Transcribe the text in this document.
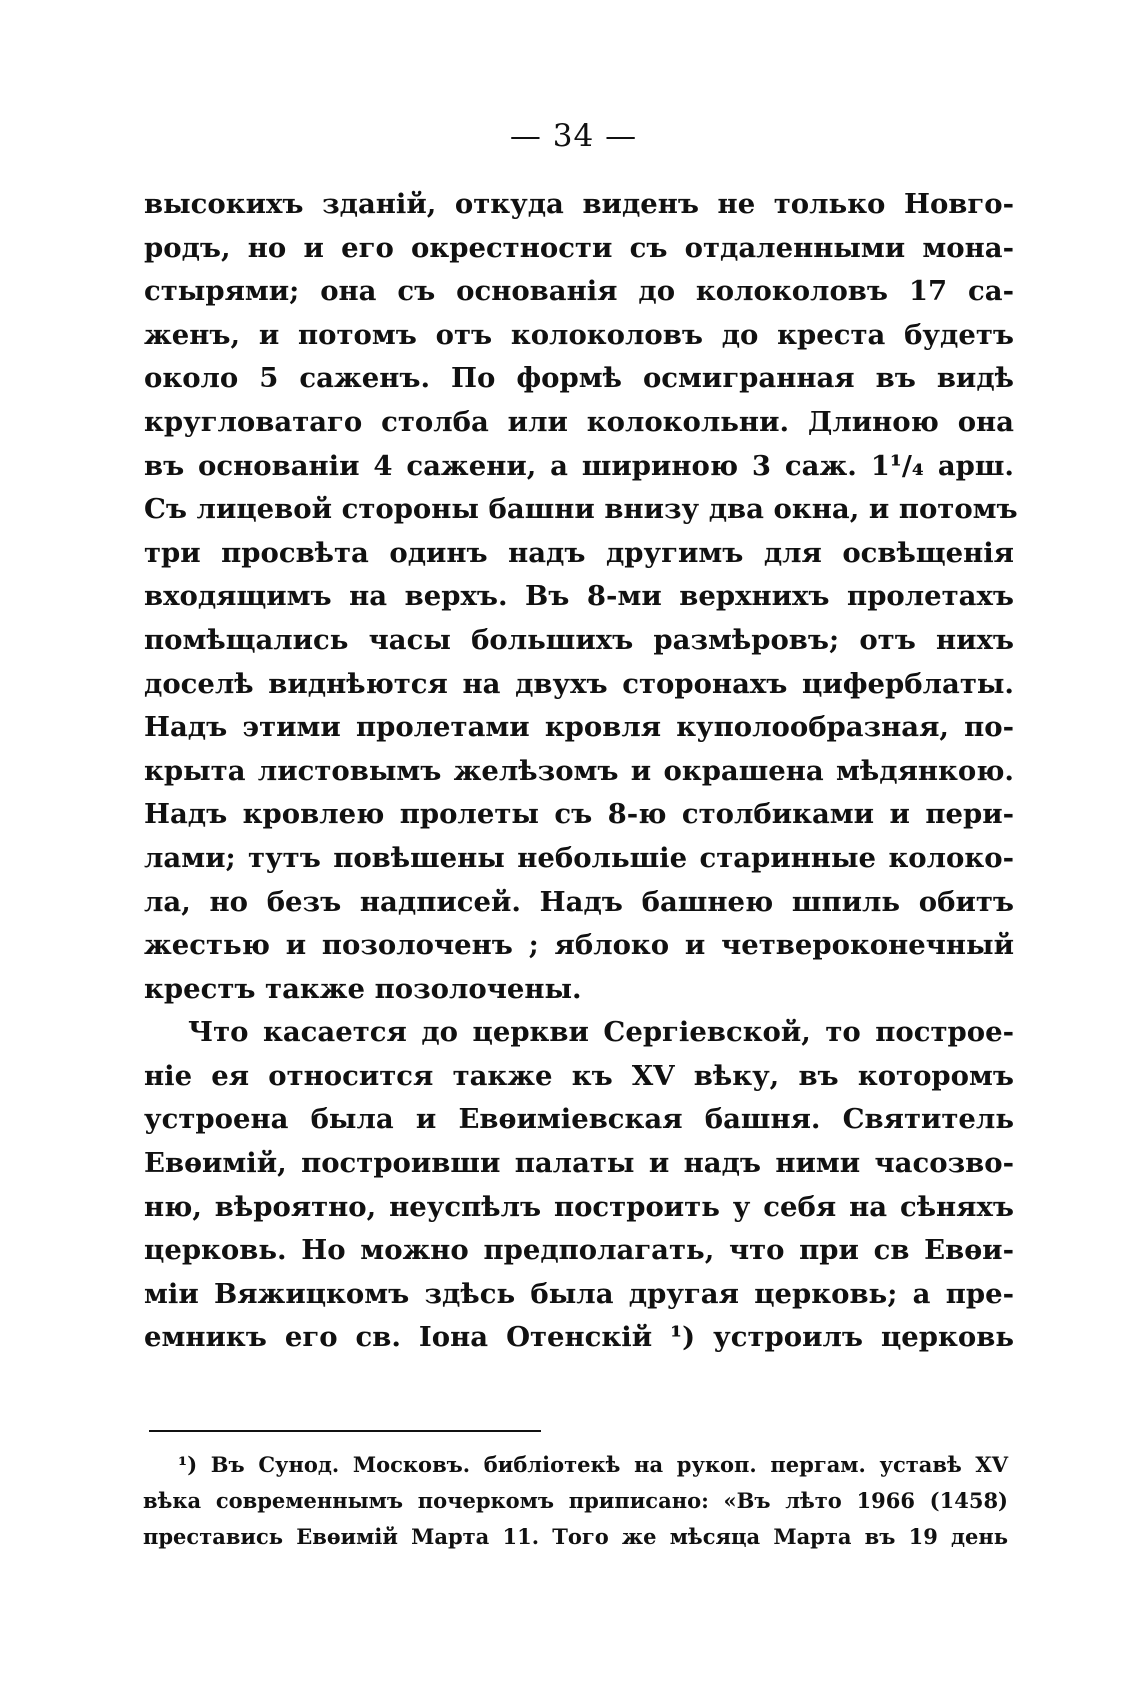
— 34 —
высокихъ зданiй, откуда виденъ не только Новго-
родъ, но и его окрестности съ отдаленными мона-
стырями; она съ основанiя до колоколовъ 17 са-
женъ, и потомъ отъ колоколовъ до креста будетъ
около 5 саженъ. По формѣ осмигранная въ видѣ
кругловатаго столба или колокольни. Длиною она
въ основанiи 4 сажени, а шириною 3 саж. 1¹/₄ арш.
Съ лицевой стороны башни внизу два окна, и потомъ
три просвѣта одинъ надъ другимъ для освѣщенiя
входящимъ на верхъ. Въ 8-ми верхнихъ пролетахъ
помѣщались часы большихъ размѣровъ; отъ нихъ
доселѣ виднѣются на двухъ сторонахъ циферблаты.
Надъ этими пролетами кровля куполообразная, по-
крыта листовымъ желѣзомъ и окрашена мѣдянкою.
Надъ кровлею пролеты съ 8-ю столбиками и пери-
лами; тутъ повѣшены небольшiе старинные колоко-
ла, но безъ надписей. Надъ башнею шпиль обитъ
жестью и позолоченъ ; яблоко и четвероконечный
крестъ также позолочены.
Что касается до церкви Сергiевской, то построе-
нiе ея относится также къ XV вѣку, въ которомъ
устроена была и Евѳимiевская башня. Святитель
Евѳимiй, построивши палаты и надъ ними часозво-
ню, вѣроятно, неуспѣлъ построить у себя на сѣняхъ
церковь. Но можно предполагать, что при св Евѳи-
мiи Вяжицкомъ здѣсь была другая церковь; а пре-
емникъ его св. Iона Отенскiй ¹) устроилъ церковь
¹) Въ Сунод. Московъ. библiотекѣ на рукоп. пергам. уставѣ XV
вѣка современнымъ почеркомъ приписано: «Въ лѣто 1966 (1458)
преставись Евѳимiй Марта 11. Того же мѣсяца Марта въ 19 день
